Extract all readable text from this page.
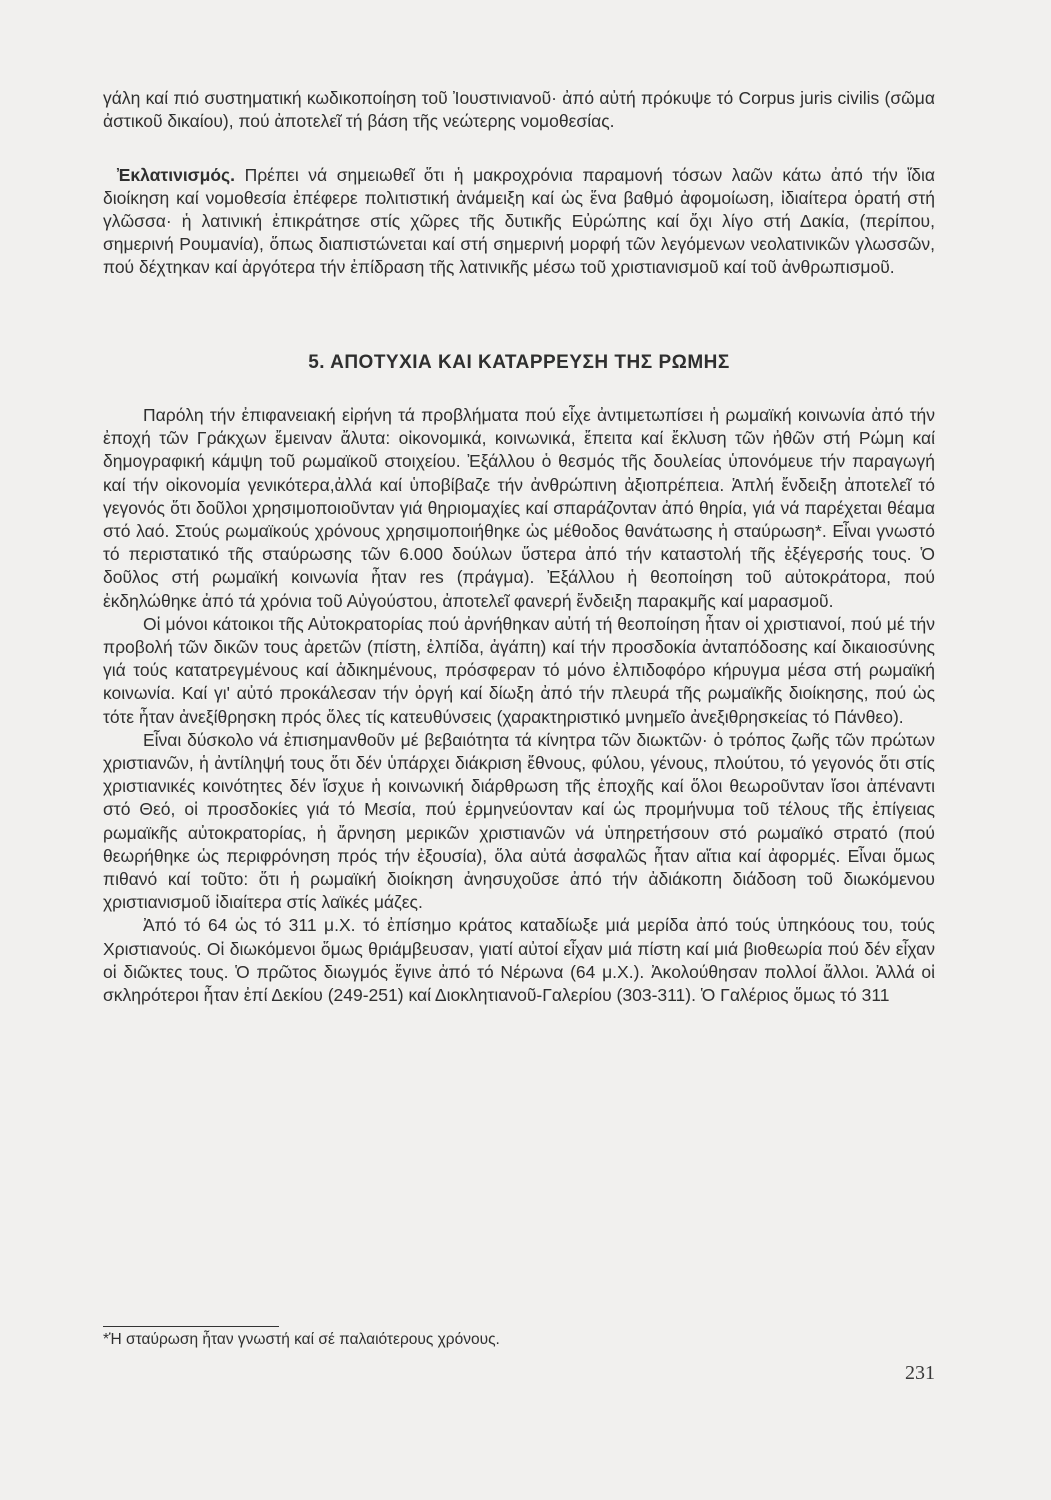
γάλη καί πιό συστηματική κωδικοποίηση τοῦ Ἰουστινιανοῦ· ἀπό αὐτή πρόκυψε τό Corpus juris civilis (σῶμα ἀστικοῦ δικαίου), πού ἀποτελεῖ τή βάση τῆς νεώτερης νομοθεσίας.

Ἐκλατινισμός. Πρέπει νά σημειωθεῖ ὅτι ἡ μακροχρόνια παραμονή τόσων λαῶν κάτω ἀπό τήν ἴδια διοίκηση καί νομοθεσία ἐπέφερε πολιτιστική ἀνάμειξη καί ὡς ἕνα βαθμό ἀφομοίωση, ἰδιαίτερα ὁρατή στή γλῶσσα· ἡ λατινική ἐπικράτησε στίς χῶρες τῆς δυτικῆς Εὐρώπης καί ὄχι λίγο στή Δακία, (περίπου, σημερινή Ρουμανία), ὅπως διαπιστώνεται καί στή σημερινή μορφή τῶν λεγόμενων νεολατινικῶν γλωσσῶν, πού δέχτηκαν καί ἀργότερα τήν ἐπίδραση τῆς λατινικῆς μέσω τοῦ χριστιανισμοῦ καί τοῦ ἀνθρωπισμοῦ.

5. ΑΠΟΤΥΧΙΑ ΚΑΙ ΚΑΤΑΡΡΕΥΣΗ ΤΗΣ ΡΩΜΗΣ

Παρόλη τήν ἐπιφανειακή εἰρήνη τά προβλήματα πού εἶχε ἀντιμετωπίσει ἡ ρωμαϊκή κοινωνία ἀπό τήν ἐποχή τῶν Γράκχων ἔμειναν ἄλυτα: οἰκονομικά, κοινωνικά, ἔπειτα καί ἔκλυση τῶν ἠθῶν στή Ρώμη καί δημογραφική κάμψη τοῦ ρωμαϊκοῦ στοιχείου. Ἐξάλλου ὁ θεσμός τῆς δουλείας ὑπονόμευε τήν παραγωγή καί τήν οἰκονομία γενικότερα,ἀλλά καί ὑποβίβαζε τήν ἀνθρώπινη ἀξιοπρέπεια. Ἁπλή ἔνδειξη ἀποτελεῖ τό γεγονός ὅτι δοῦλοι χρησιμοποιοῦνταν γιά θηριομαχίες καί σπαράζονταν ἀπό θηρία, γιά νά παρέχεται θέαμα στό λαό. Στούς ρωμαϊκούς χρόνους χρησιμοποιήθηκε ὡς μέθοδος θανάτωσης ἡ σταύρωση*. Εἶναι γνωστό τό περιστατικό τῆς σταύρωσης τῶν 6.000 δούλων ὕστερα ἀπό τήν καταστολή τῆς ἐξέγερσής τους. Ὁ δοῦλος στή ρωμαϊκή κοινωνία ἦταν res (πράγμα). Ἐξάλλου ἡ θεοποίηση τοῦ αὐτοκράτορα, πού ἐκδηλώθηκε ἀπό τά χρόνια τοῦ Αὐγούστου, ἀποτελεῖ φανερή ἔνδειξη παρακμῆς καί μαρασμοῦ.

Οἱ μόνοι κάτοικοι τῆς Αὐτοκρατορίας πού ἀρνήθηκαν αὐτή τή θεοποίηση ἦταν οἱ χριστιανοί, πού μέ τήν προβολή τῶν δικῶν τους ἀρετῶν (πίστη, ἐλπίδα, ἀγάπη) καί τήν προσδοκία ἀνταπόδοσης καί δικαιοσύνης γιά τούς κατατρεγμένους καί ἀδικημένους, πρόσφεραν τό μόνο ἐλπιδοφόρο κήρυγμα μέσα στή ρωμαϊκή κοινωνία. Καί γι' αὐτό προκάλεσαν τήν ὀργή καί δίωξη ἀπό τήν πλευρά τῆς ρωμαϊκῆς διοίκησης, πού ὡς τότε ἦταν ἀνεξίθρησκη πρός ὅλες τίς κατευθύνσεις (χαρακτηριστικό μνημεῖο ἀνεξιθρησκείας τό Πάνθεο).

Εἶναι δύσκολο νά ἐπισημανθοῦν μέ βεβαιότητα τά κίνητρα τῶν διωκτῶν· ὁ τρόπος ζωῆς τῶν πρώτων χριστιανῶν, ἡ ἀντίληψή τους ὅτι δέν ὑπάρχει διάκριση ἔθνους, φύλου, γένους, πλούτου, τό γεγονός ὅτι στίς χριστιανικές κοινότητες δέν ἴσχυε ἡ κοινωνική διάρθρωση τῆς ἐποχῆς καί ὅλοι θεωροῦνταν ἴσοι ἀπέναντι στό Θεό, οἱ προσδοκίες γιά τό Μεσία, πού ἑρμηνεύονταν καί ὡς προμήνυμα τοῦ τέλους τῆς ἐπίγειας ρωμαϊκῆς αὐτοκρατορίας, ἡ ἄρνηση μερικῶν χριστιανῶν νά ὑπηρετήσουν στό ρωμαϊκό στρατό (πού θεωρήθηκε ὡς περιφρόνηση πρός τήν ἐξουσία), ὅλα αὐτά ἀσφαλῶς ἦταν αἴτια καί ἀφορμές. Εἶναι ὅμως πιθανό καί τοῦτο: ὅτι ἡ ρωμαϊκή διοίκηση ἀνησυχοῦσε ἀπό τήν ἀδιάκοπη διάδοση τοῦ διωκόμενου χριστιανισμοῦ ἰδιαίτερα στίς λαϊκές μάζες.

Ἀπό τό 64 ὡς τό 311 μ.Χ. τό ἐπίσημο κράτος καταδίωξε μιά μερίδα ἀπό τούς ὑπηκόους του, τούς Χριστιανούς. Οἱ διωκόμενοι ὅμως θριάμβευσαν, γιατί αὐτοί εἶχαν μιά πίστη καί μιά βιοθεωρία πού δέν εἶχαν οἱ διῶκτες τους. Ὁ πρῶτος διωγμός ἔγινε ἀπό τό Νέρωνα (64 μ.Χ.). Ἀκολούθησαν πολλοί ἄλλοι. Ἀλλά οἱ σκληρότεροι ἦταν ἐπί Δεκίου (249-251) καί Διοκλητιανοῦ-Γαλερίου (303-311). Ὁ Γαλέριος ὅμως τό 311

*Ἡ σταύρωση ἦταν γνωστή καί σέ παλαιότερους χρόνους.

231
